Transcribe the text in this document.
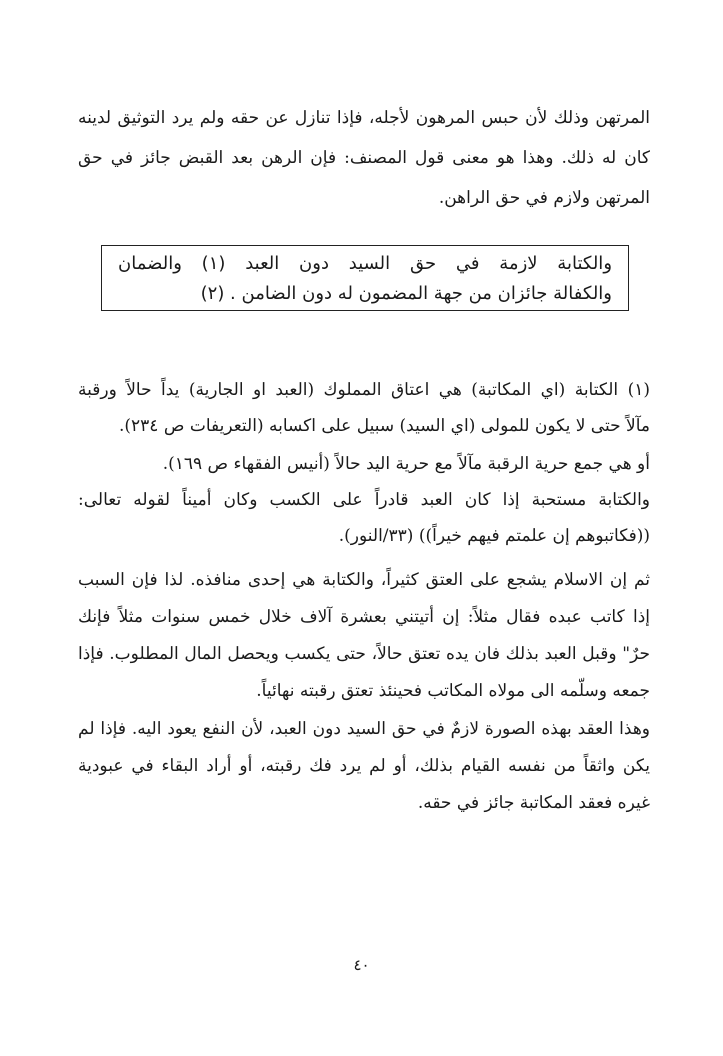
المرتهن وذلك لأن حبس المرهون لأجله، فإذا تنازل عن حقه ولم يرد التوثيق لدينه
كان له ذلك. وهذا هو معنى قول المصنف: فإن الرهن بعد القبض جائز في حق
المرتهن ولازم في حق الراهن.
والكتابة لازمة في حق السيد دون العبد (١) والضمان
والكفالة جائزان من جهة المضمون له دون الضامن . (٢)
(١) الكتابة (اي المكاتبة) هي اعتاق المملوك (العبد او الجارية) يداً حالاً ورقبة
مآلاً حتى لا يكون للمولى (اي السيد) سبيل على اكسابه (التعريفات ص ٢٣٤).
أو هي جمع حرية الرقبة مآلاً مع حرية اليد حالاً (أنيس الفقهاء ص ١٦٩).
والكتابة مستحبة إذا كان العبد قادراً على الكسب وكان أميناً لقوله تعالى:
((فكاتبوهم إن علمتم فيهم خيراً)) (٣٣/النور).
ثم إن الاسلام يشجع على العتق كثيراً، والكتابة هي إحدى منافذه. لذا فإن السبب
إذا كاتب عبده فقال مثلاً: إن أتيتني بعشرة آلاف خلال خمس سنوات مثلاً فإنك
حرٌ" وقبل العبد بذلك فان يده تعتق حالاً، حتى يكسب ويحصل المال المطلوب. فإذا
جمعه وسلّمه الى مولاه المكاتب فحينئذ تعتق رقبته نهائياً.
وهذا العقد بهذه الصورة لازمٌ في حق السيد دون العبد، لأن النفع يعود اليه. فإذا لم
يكن واثقاً من نفسه القيام بذلك، أو لم يرد فك رقبته، أو أراد البقاء في عبودية
غيره فعقد المكاتبة جائز في حقه.
٤٠
